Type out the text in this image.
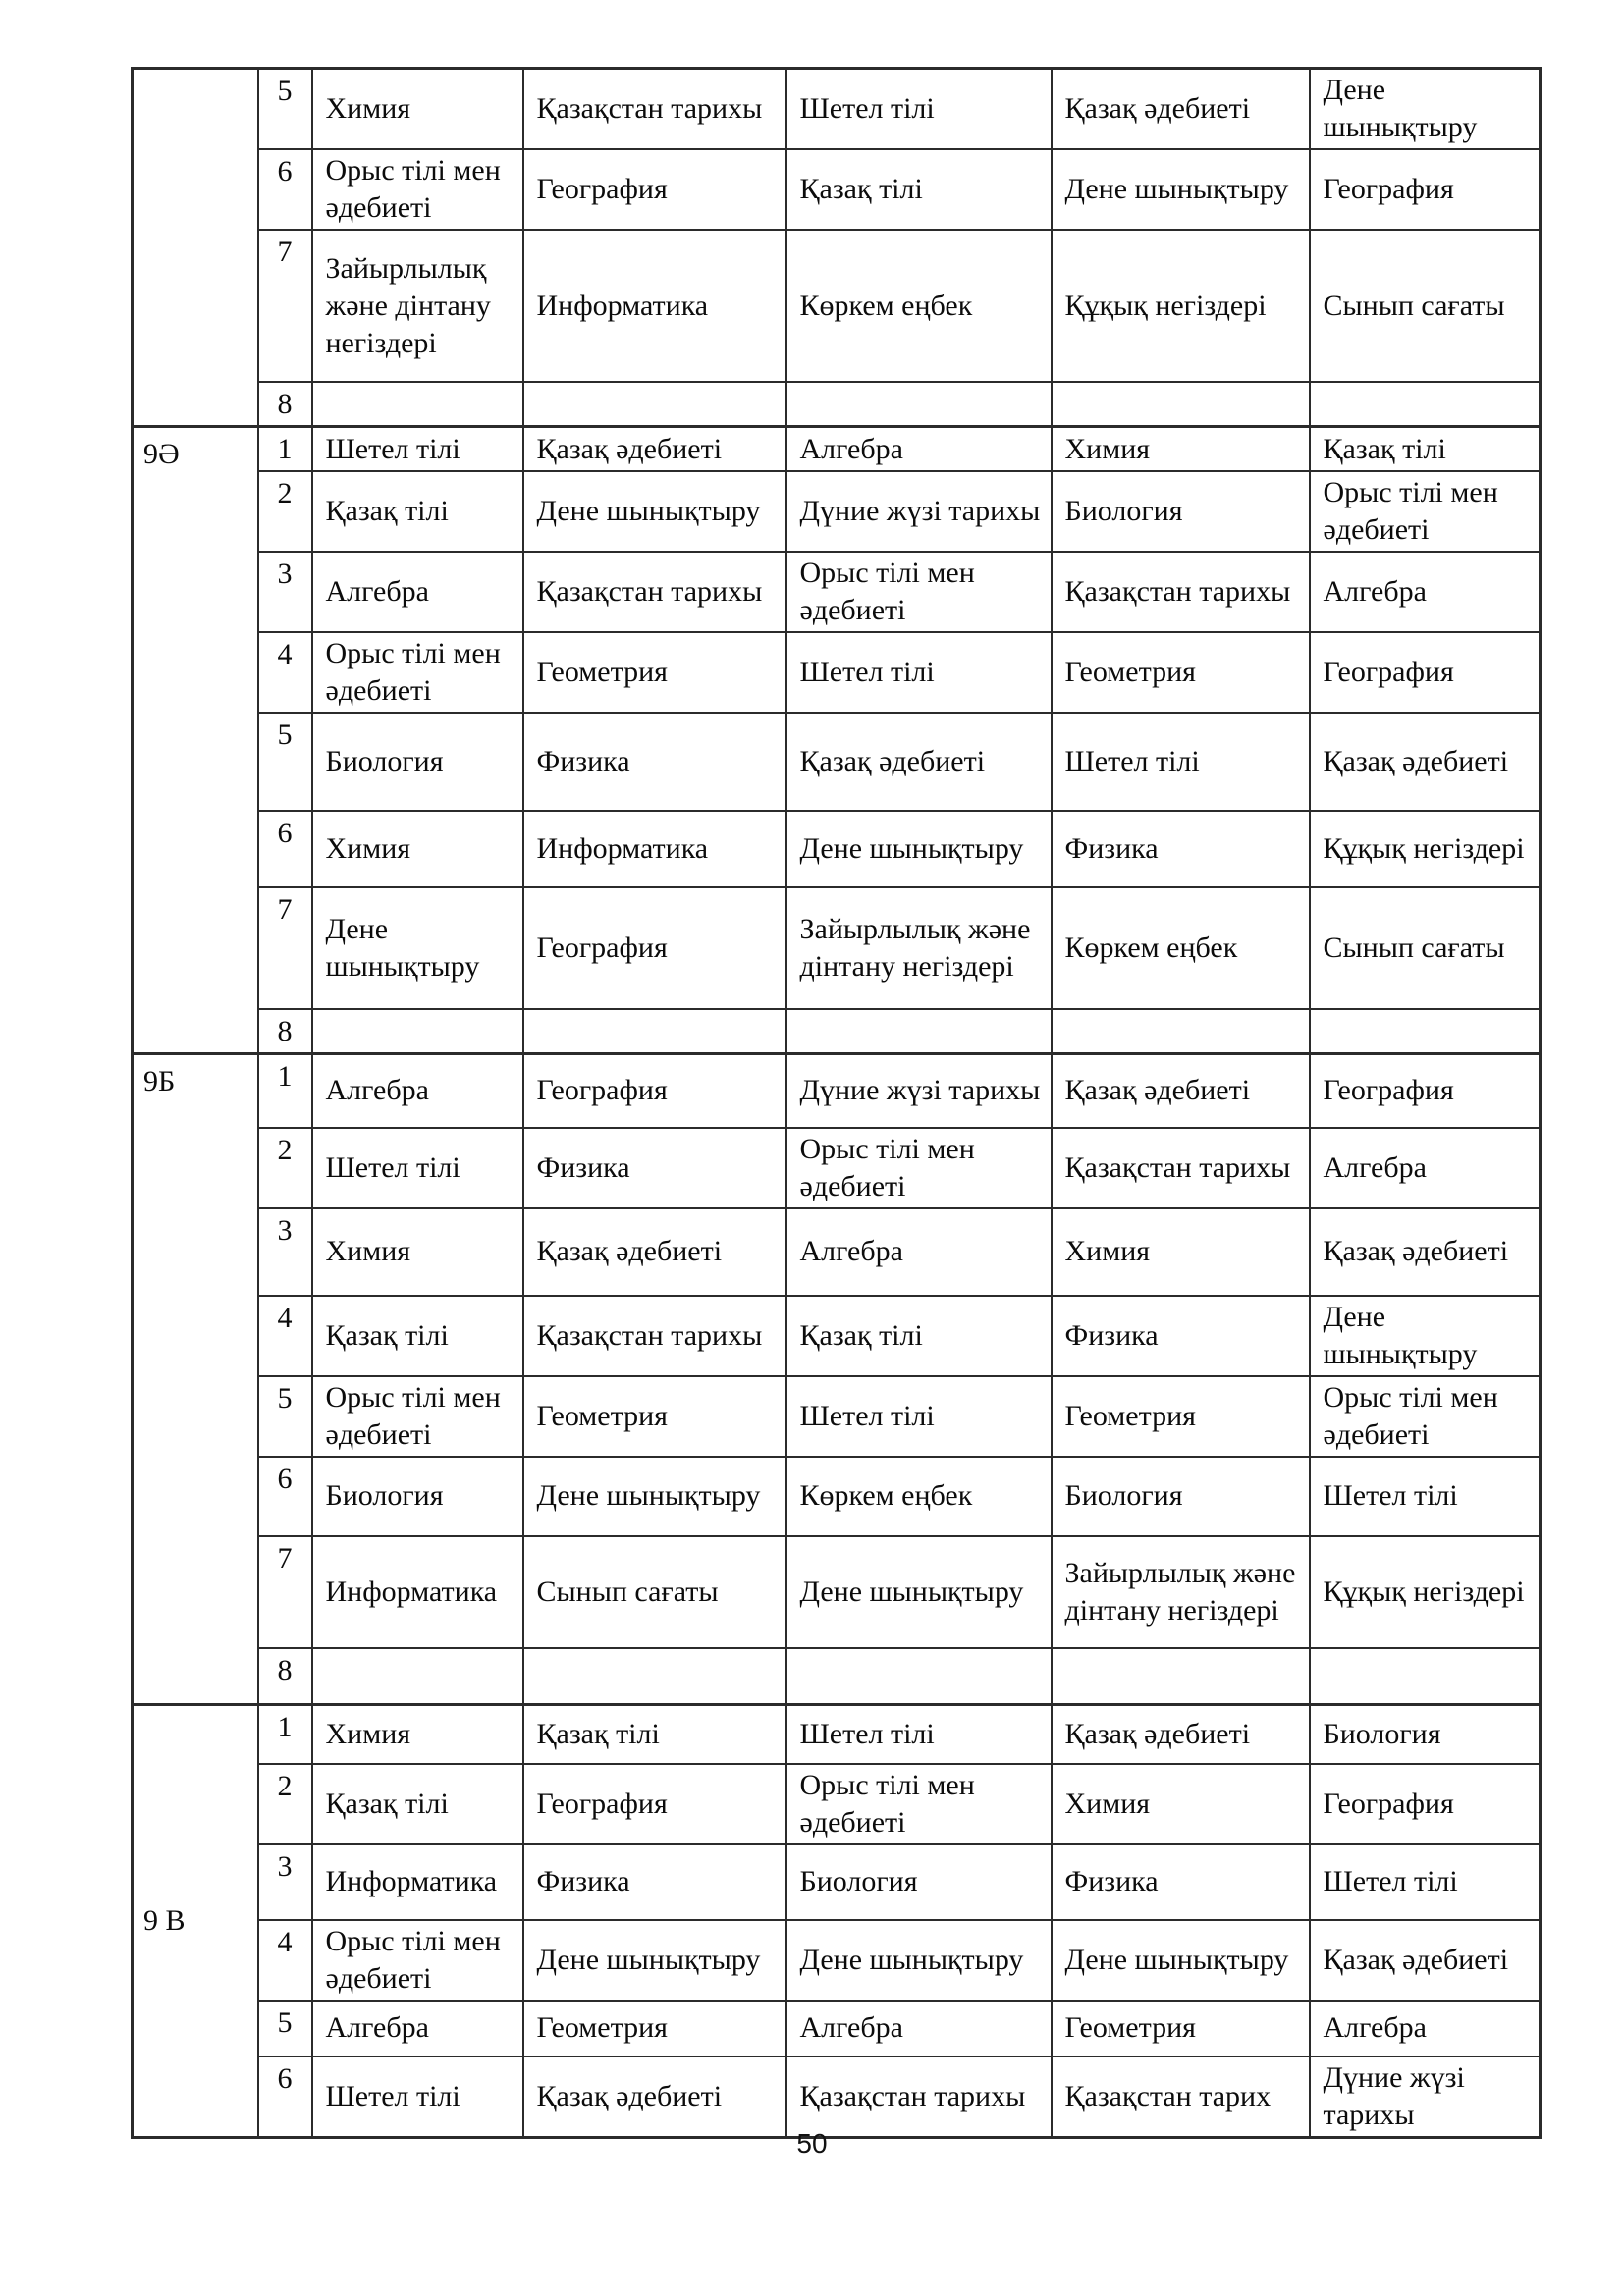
	5	Химия	Қазақстан тарихы	Шетел тілі	Қазақ әдебиеті	Дене шынықтыру
	6	Орыс тілі мен әдебиеті	География	Қазақ тілі	Дене шынықтыру	География
	7	Зайырлылық және дінтану негіздері	Информатика	Көркем еңбек	Құқық негіздері	Сынып сағаты
	8					
9Ә	1	Шетел тілі	Қазақ әдебиеті	Алгебра	Химия	Қазақ тілі
	2	Қазақ тілі	Дене шынықтыру	Дүние жүзі тарихы	Биология	Орыс тілі мен әдебиеті
	3	Алгебра	Қазақстан тарихы	Орыс тілі мен әдебиеті	Қазақстан тарихы	Алгебра
	4	Орыс тілі мен әдебиеті	Геометрия	Шетел тілі	Геометрия	География
	5	Биология	Физика	Қазақ әдебиеті	Шетел тілі	Қазақ әдебиеті
	6	Химия	Информатика	Дене шынықтыру	Физика	Құқық негіздері
	7	Дене шынықтыру	География	Зайырлылық және дінтану негіздері	Көркем еңбек	Сынып сағаты
	8					
9Б	1	Алгебра	География	Дүние жүзі тарихы	Қазақ әдебиеті	География
	2	Шетел тілі	Физика	Орыс тілі мен әдебиеті	Қазақстан тарихы	Алгебра
	3	Химия	Қазақ әдебиеті	Алгебра	Химия	Қазақ әдебиеті
	4	Қазақ тілі	Қазақстан тарихы	Қазақ тілі	Физика	Дене шынықтыру
	5	Орыс тілі мен әдебиеті	Геометрия	Шетел тілі	Геометрия	Орыс тілі мен әдебиеті
	6	Биология	Дене шынықтыру	Көркем еңбек	Биология	Шетел тілі
	7	Информатика	Сынып сағаты	Дене шынықтыру	Зайырлылық және дінтану негіздері	Құқық негіздері
	8					
9 В	1	Химия	Қазақ тілі	Шетел тілі	Қазақ әдебиеті	Биология
	2	Қазақ тілі	География	Орыс тілі мен әдебиеті	Химия	География
	3	Информатика	Физика	Биология	Физика	Шетел тілі
	4	Орыс тілі мен әдебиеті	Дене шынықтыру	Дене шынықтыру	Дене шынықтыру	Қазақ әдебиеті
	5	Алгебра	Геометрия	Алгебра	Геометрия	Алгебра
	6	Шетел тілі	Қазақ әдебиеті	Қазақстан тарихы	Қазақстан тарих	Дүние жүзі тарихы
50
